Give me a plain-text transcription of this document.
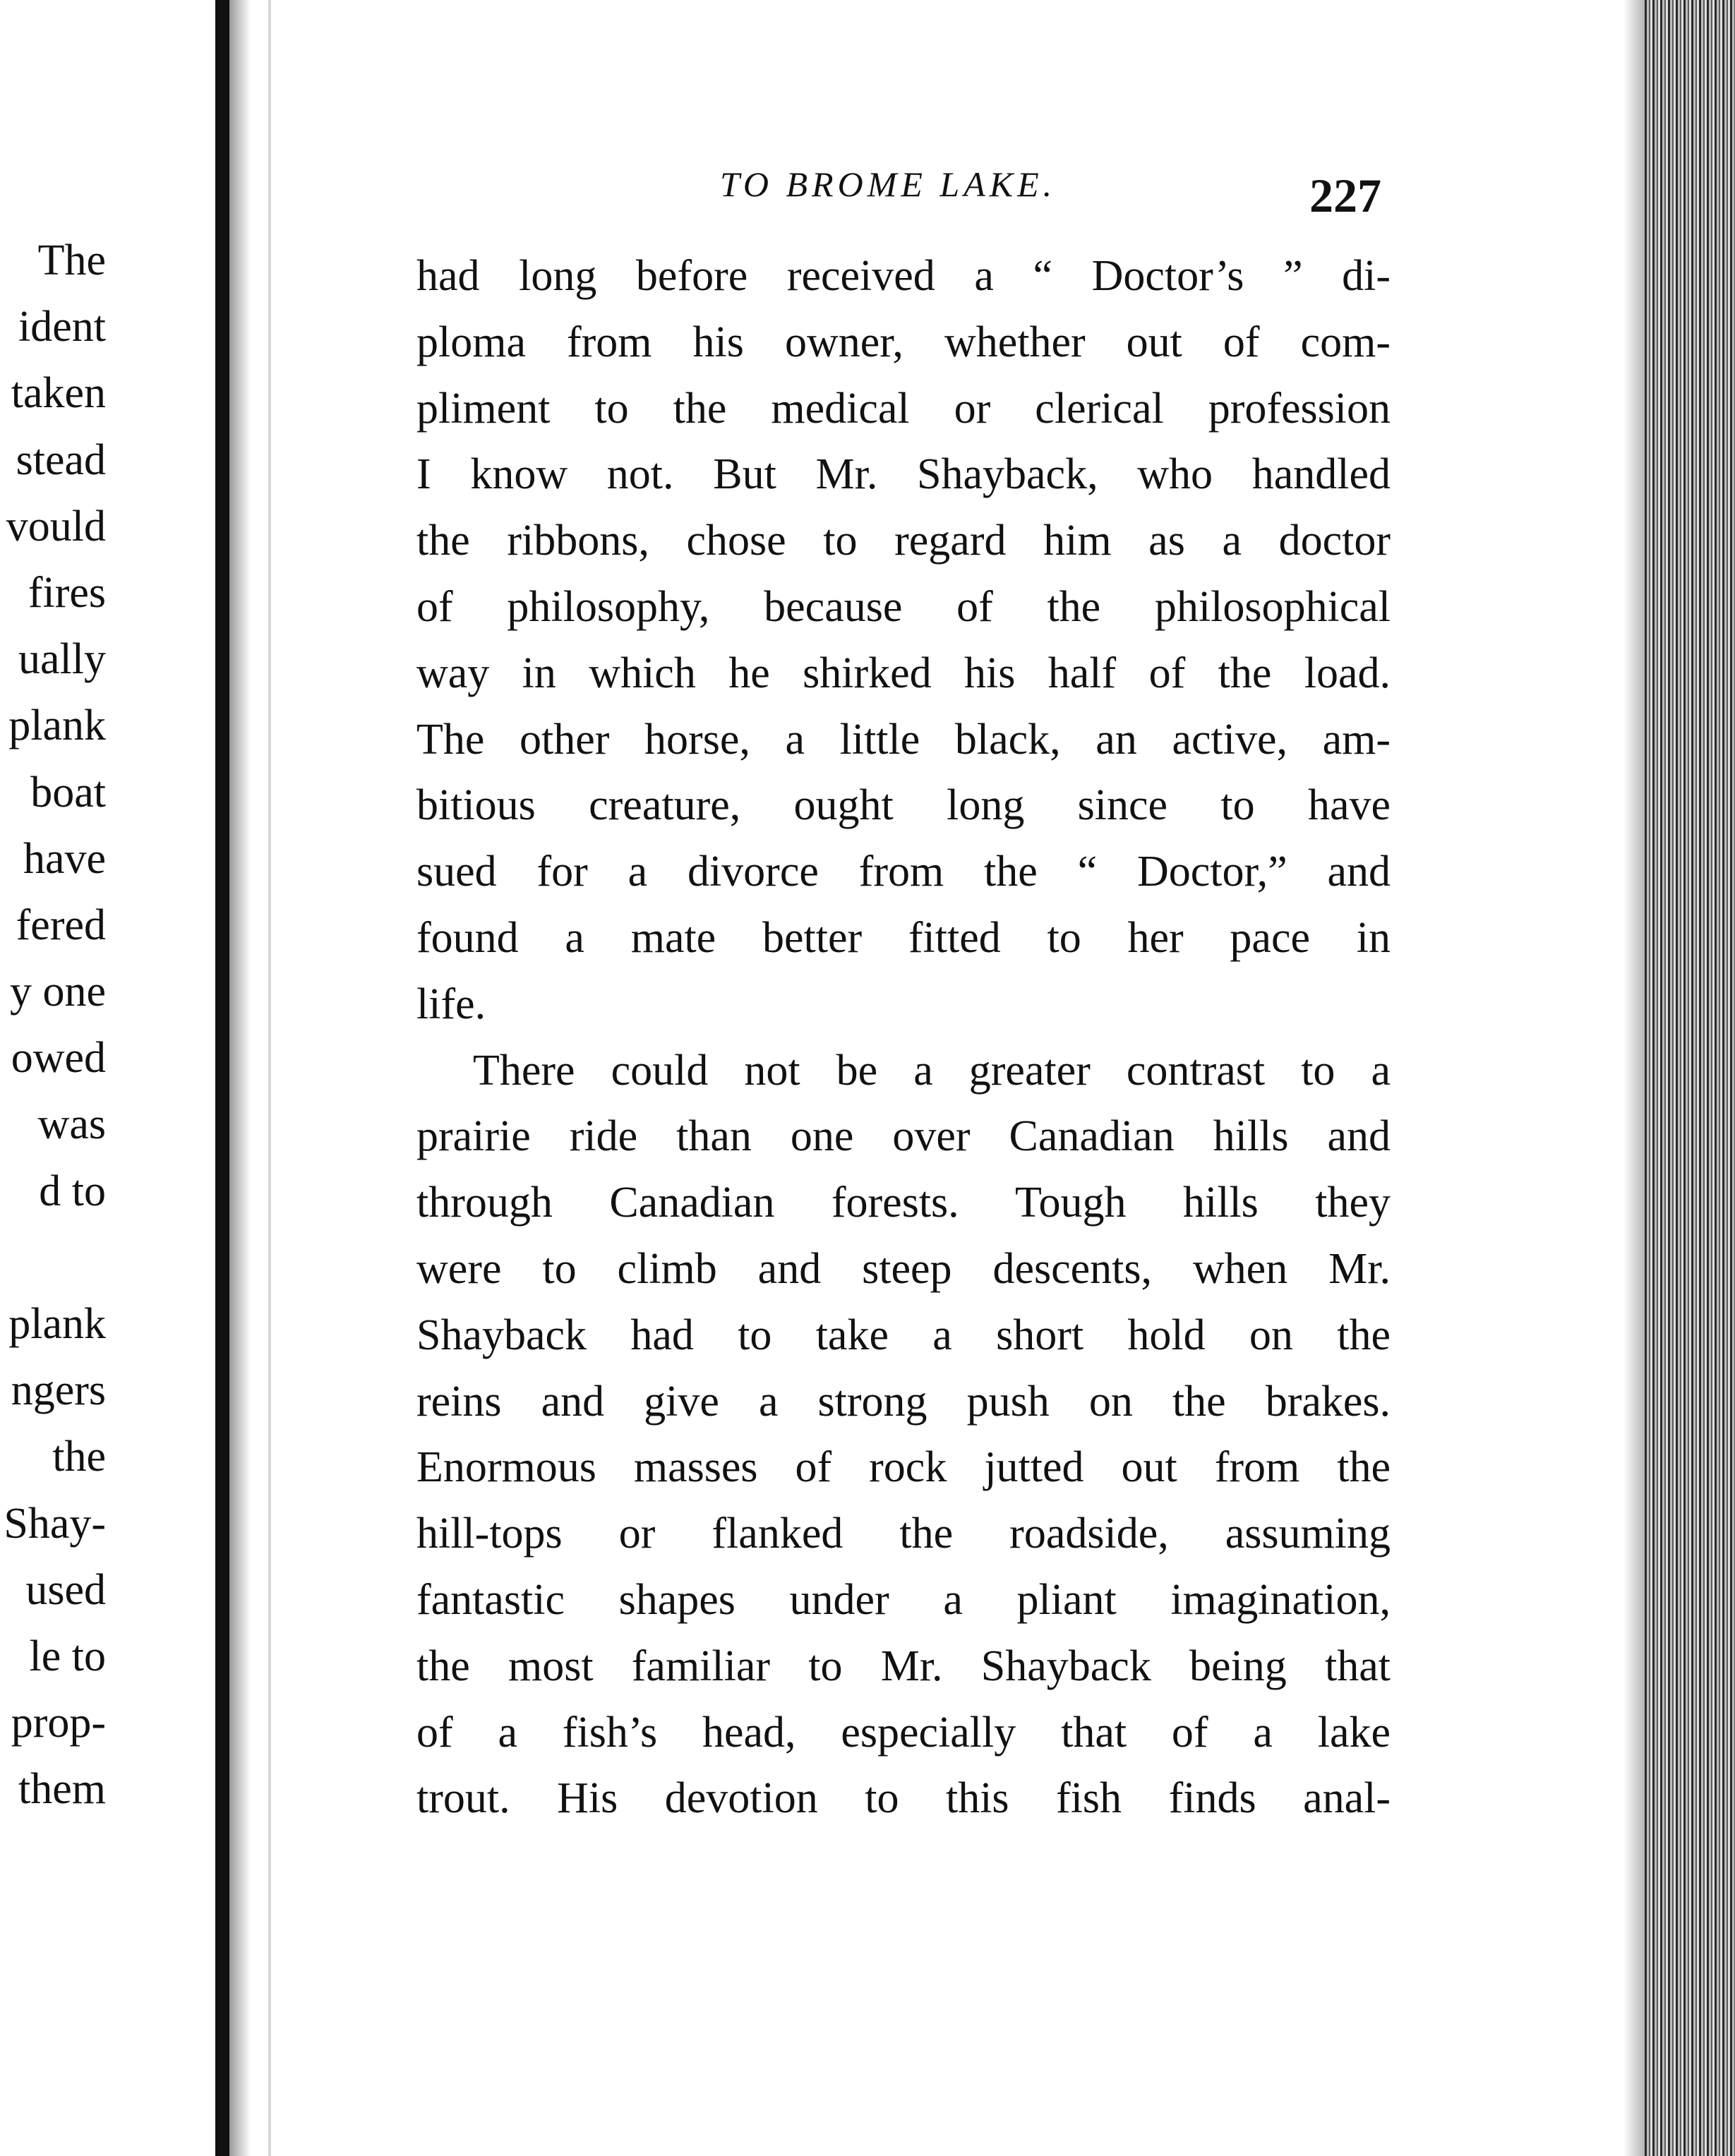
The
ident
taken
stead
vould
fires
ually
plank
boat
have
fered
y one
owed
was
d to
plank
ngers
the
Shay-
used
le to
prop-
them
TO BROME LAKE.	227
had long before received a “ Doctor’s ” di-
ploma from his owner, whether out of com-
pliment to the medical or clerical profession
I know not. But Mr. Shayback, who handled
the ribbons, chose to regard him as a doctor
of philosophy, because of the philosophical
way in which he shirked his half of the load.
The other horse, a little black, an active, am-
bitious creature, ought long since to have
sued for a divorce from the “ Doctor,” and
found a mate better fitted to her pace in
life.
There could not be a greater contrast to a
prairie ride than one over Canadian hills and
through Canadian forests. Tough hills they
were to climb and steep descents, when Mr.
Shayback had to take a short hold on the
reins and give a strong push on the brakes.
Enormous masses of rock jutted out from the
hill-tops or flanked the roadside, assuming
fantastic shapes under a pliant imagination,
the most familiar to Mr. Shayback being that
of a fish’s head, especially that of a lake
trout. His devotion to this fish finds anal-
